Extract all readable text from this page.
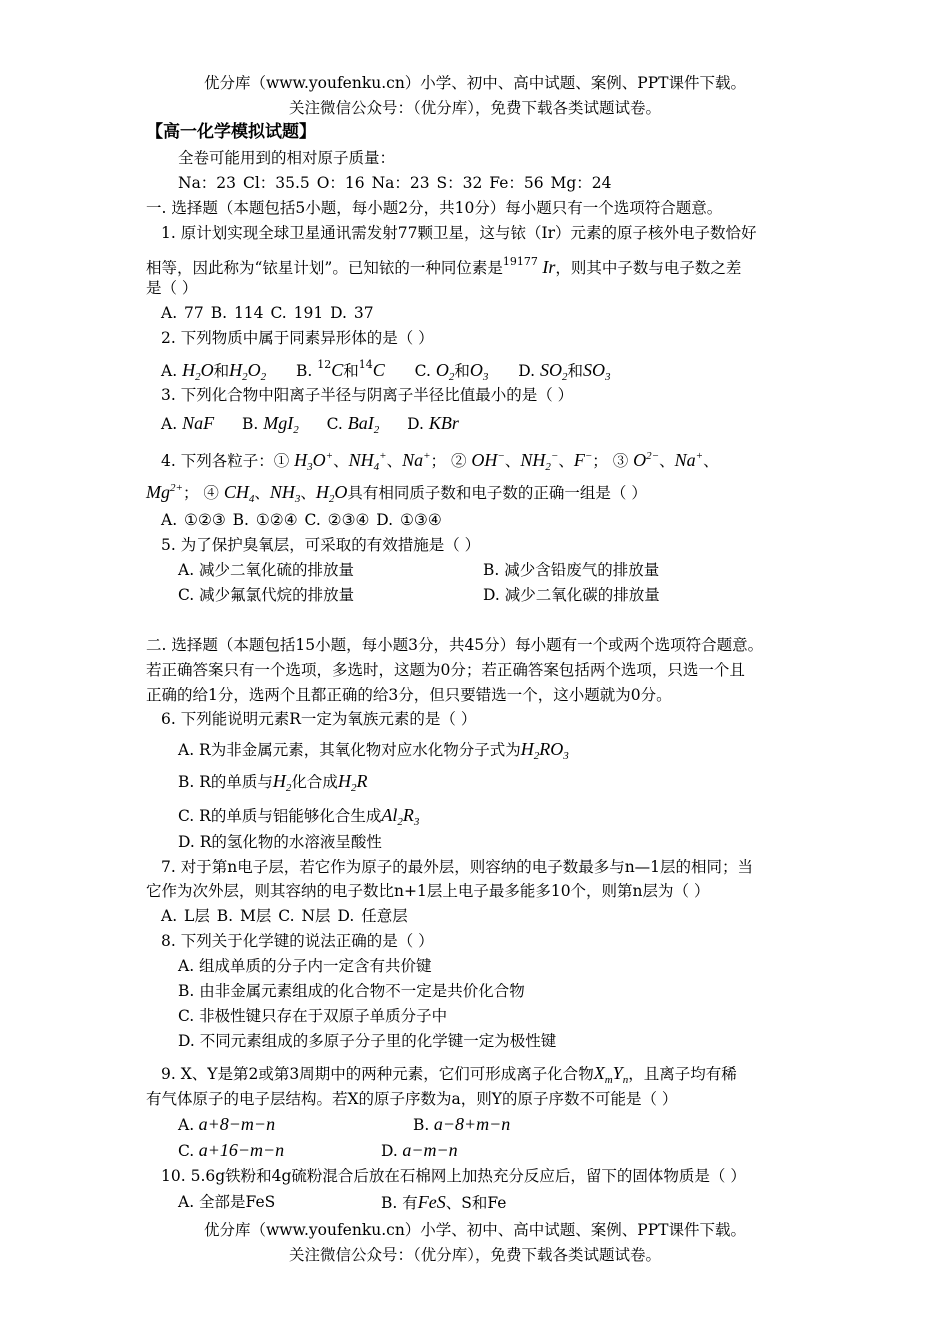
优分库（www.youfenku.cn）小学、初中、高中试题、案例、PPT课件下载。
关注微信公众号：（优分库），免费下载各类试题试卷。
【高一化学模拟试题】
全卷可能用到的相对原子质量：
Na：23 Cl：35.5 O：16 Na：23 S：32 Fe：56 Mg：24
一. 选择题（本题包括5小题，每小题2分，共10分）每小题只有一个选项符合题意。
1. 原计划实现全球卫星通讯需发射77颗卫星，这与铱（Ir）元素的原子核外电子数恰好
相等，因此称为“铱星计划”。已知铱的一种同位素是$^{19177}$ Ir，则其中子数与电子数之差
是（ ）
A. 77 B. 114 C. 191 D. 37
2. 下列物质中属于同素异形体的是（ ）
A. $H_2O$和$H_2O_2$ B. $^{12}$C和$^{14}$C C. $O_2$和$O_3$ D. $SO_2$和$SO_3$
3. 下列化合物中阳离子半径与阴离子半径比值最小的是（ ）
A. NaF B. MgI$_2$ C. BaI$_2$ D. KBr
4. 下列各粒子：① $H_3O^+$、$NH_4^+$、Na+； ② OH−、$NH_2^-$、F−； ③ $O^{2-}$、Na+、
$Mg^{2+}$； ④ $CH_4$、$NH_3$、$H_2O$具有相同质子数和电子数的正确一组是（ ）
A. ①②③ B. ①②④ C. ②③④ D. ①③④
5. 为了保护臭氧层，可采取的有效措施是（ ）
A. 减少二氧化硫的排放量	B. 减少含铅废气的排放量
C. 减少氟氯代烷的排放量	D. 减少二氧化碳的排放量
二. 选择题（本题包括15小题，每小题3分，共45分）每小题有一个或两个选项符合题意。
若正确答案只有一个选项，多选时，这题为0分；若正确答案包括两个选项，只选一个且
正确的给1分，选两个且都正确的给3分，但只要错选一个，这小题就为0分。
6. 下列能说明元素R一定为氧族元素的是（ ）
A. R为非金属元素，其氧化物对应水化物分子式为$H_2RO_3$
B. R的单质与$H_2$化合成$H_2R$
C. R的单质与铝能够化合生成$Al_2R_3$
D. R的氢化物的水溶液呈酸性
7. 对于第n电子层，若它作为原子的最外层，则容纳的电子数最多与n—1层的相同；当
它作为次外层，则其容纳的电子数比n+1层上电子最多能多10个，则第n层为（ ）
A. L层 B. M层 C. N层 D. 任意层
8. 下列关于化学键的说法正确的是（ ）
A. 组成单质的分子内一定含有共价键
B. 由非金属元素组成的化合物不一定是共价化合物
C. 非极性键只存在于双原子单质分子中
D. 不同元素组成的多原子分子里的化学键一定为极性键
9. X、Y是第2或第3周期中的两种元素，它们可形成离子化合物$X_mY_n$，且离子均有稀
有气体原子的电子层结构。若X的原子序数为a，则Y的原子序数不可能是（ ）
A. a+8−m−n	B. a−8+m−n
C. a+16−m−n	D. a−m−n
10. 5.6g铁粉和4g硫粉混合后放在石棉网上加热充分反应后，留下的固体物质是（ ）
A. 全部是FeS	B. 有FeS、S和Fe
优分库（www.youfenku.cn）小学、初中、高中试题、案例、PPT课件下载。
关注微信公众号：（优分库），免费下载各类试题试卷。
